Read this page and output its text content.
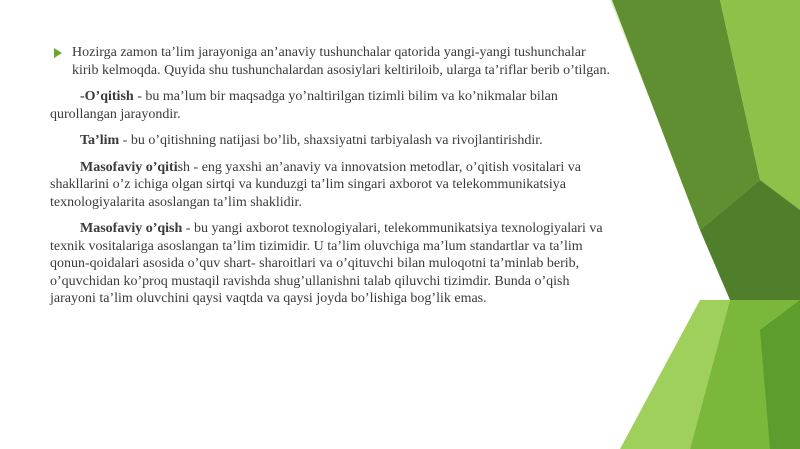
Hozirga zamon ta’lim jarayoniga an’anaviy tushunchalar qatorida yangi-yangi tushunchalar kirib kelmoqda. Quyida shu tushunchalardan asosiylari keltiriloib, ularga ta’riflar berib o’tilgan.

-O’qitish - bu ma’lum bir maqsadga yo’naltirilgan tizimli bilim va ko’nikmalar bilan qurollangan jarayondir.

Ta’lim - bu o’qitishning natijasi bo’lib, shaxsiyatni tarbiyalash va rivojlantirishdir.

Masofaviy o’qitish - eng yaxshi an’anaviy va innovatsion metodlar, o’qitish vositalari va shakllarini o’z ichiga olgan sirtqi va kunduzgi ta’lim singari axborot va telekommunikatsiya texnologiyalarita asoslangan ta’lim shaklidir.

Masofaviy o’qish - bu yangi axborot texnologiyalari, telekommunikatsiya texnologiyalari va texnik vositalariga asoslangan ta’lim tizimidir. U ta’lim oluvchiga ma’lum standartlar va ta’lim qonun-qoidalari asosida o’quv shart- sharoitlari va o’qituvchi bilan muloqotni ta’minlab berib, o’quvchidan ko’proq mustaqil ravishda shug’ullanishni talab qiluvchi tizimdir. Bunda o’qish jarayoni ta’lim oluvchini qaysi vaqtda va qaysi joyda bo’lishiga bog’lik emas.
